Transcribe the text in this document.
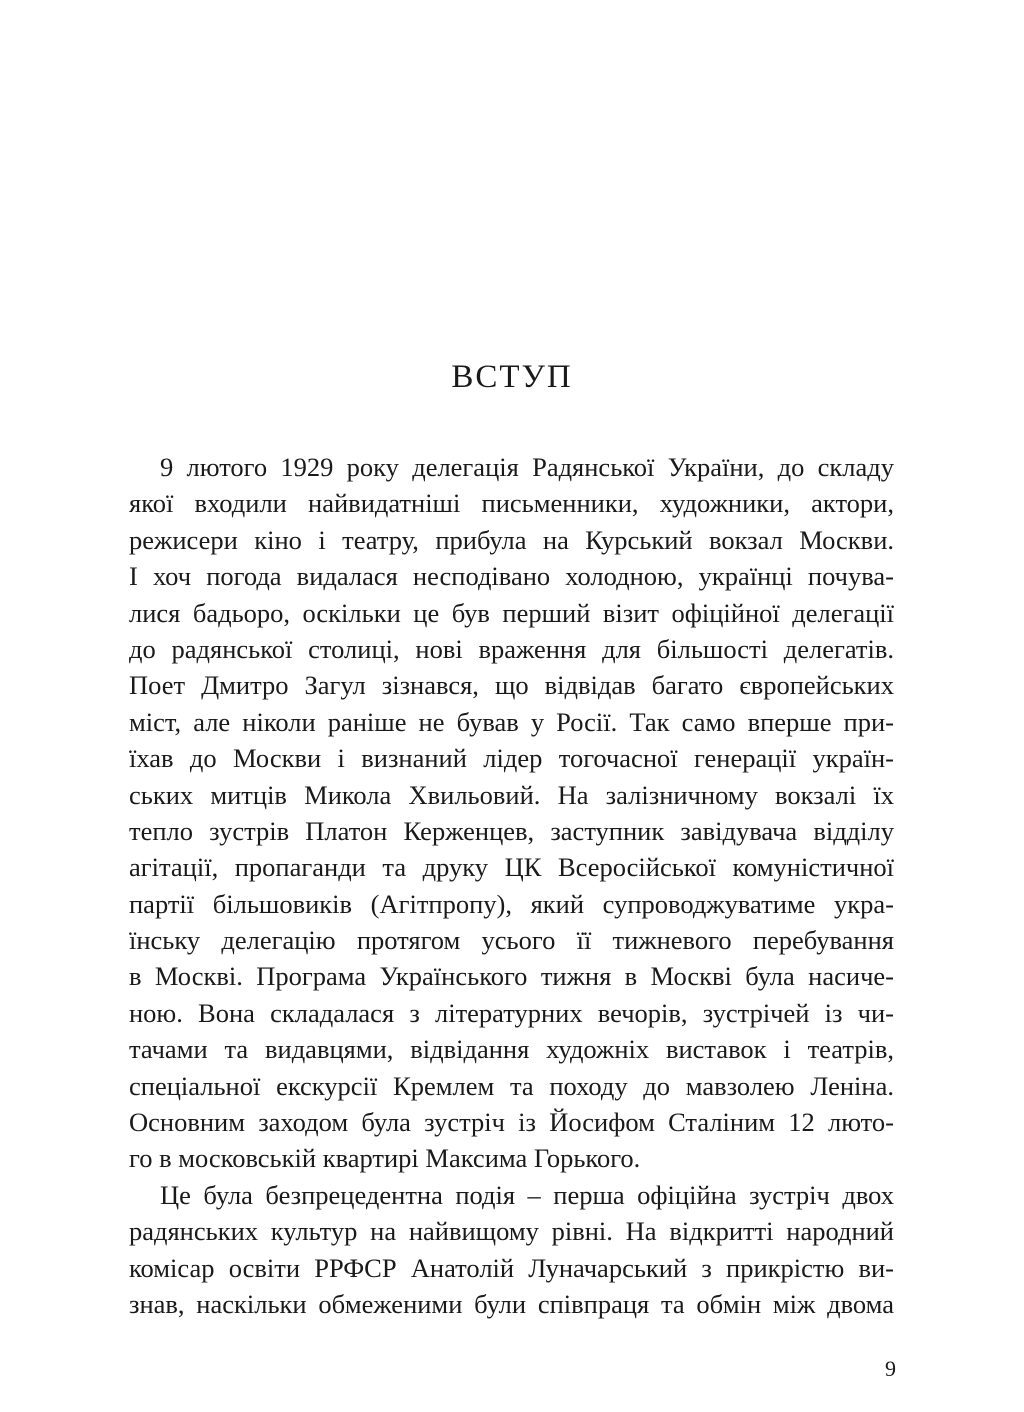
ВСТУП
9 лютого 1929 року делегація Радянської України, до складу
якої входили найвидатніші письменники, художники, актори,
режисери кіно і театру, прибула на Курський вокзал Москви.
І хоч погода видалася несподівано холодною, українці почува-
лися бадьоро, оскільки це був перший візит офіційної делегації
до радянської столиці, нові враження для більшості делегатів.
Поет Дмитро Загул зізнався, що відвідав багато європейських
міст, але ніколи раніше не бував у Росії. Так само вперше при-
їхав до Москви і визнаний лідер тогочасної генерації україн-
ських митців Микола Хвильовий. На залізничному вокзалі їх
тепло зустрів Платон Керженцев, заступник завідувача відділу
агітації, пропаганди та друку ЦК Всеросійської комуністичної
партії більшовиків (Агітпропу), який супроводжуватиме укра-
їнську делегацію протягом усього її тижневого перебування
в Москві. Програма Українського тижня в Москві була насиче-
ною. Вона складалася з літературних вечорів, зустрічей із чи-
тачами та видавцями, відвідання художніх виставок і театрів,
спеціальної екскурсії Кремлем та походу до мавзолею Леніна.
Основним заходом була зустріч із Йосифом Сталіним 12 люто-
го в московській квартирі Максима Горького.
Це була безпрецедентна подія – перша офіційна зустріч двох
радянських культур на найвищому рівні. На відкритті народний
комісар освіти РРФСР Анатолій Луначарський з прикрістю ви-
знав, наскільки обмеженими були співпраця та обмін між двома
9
